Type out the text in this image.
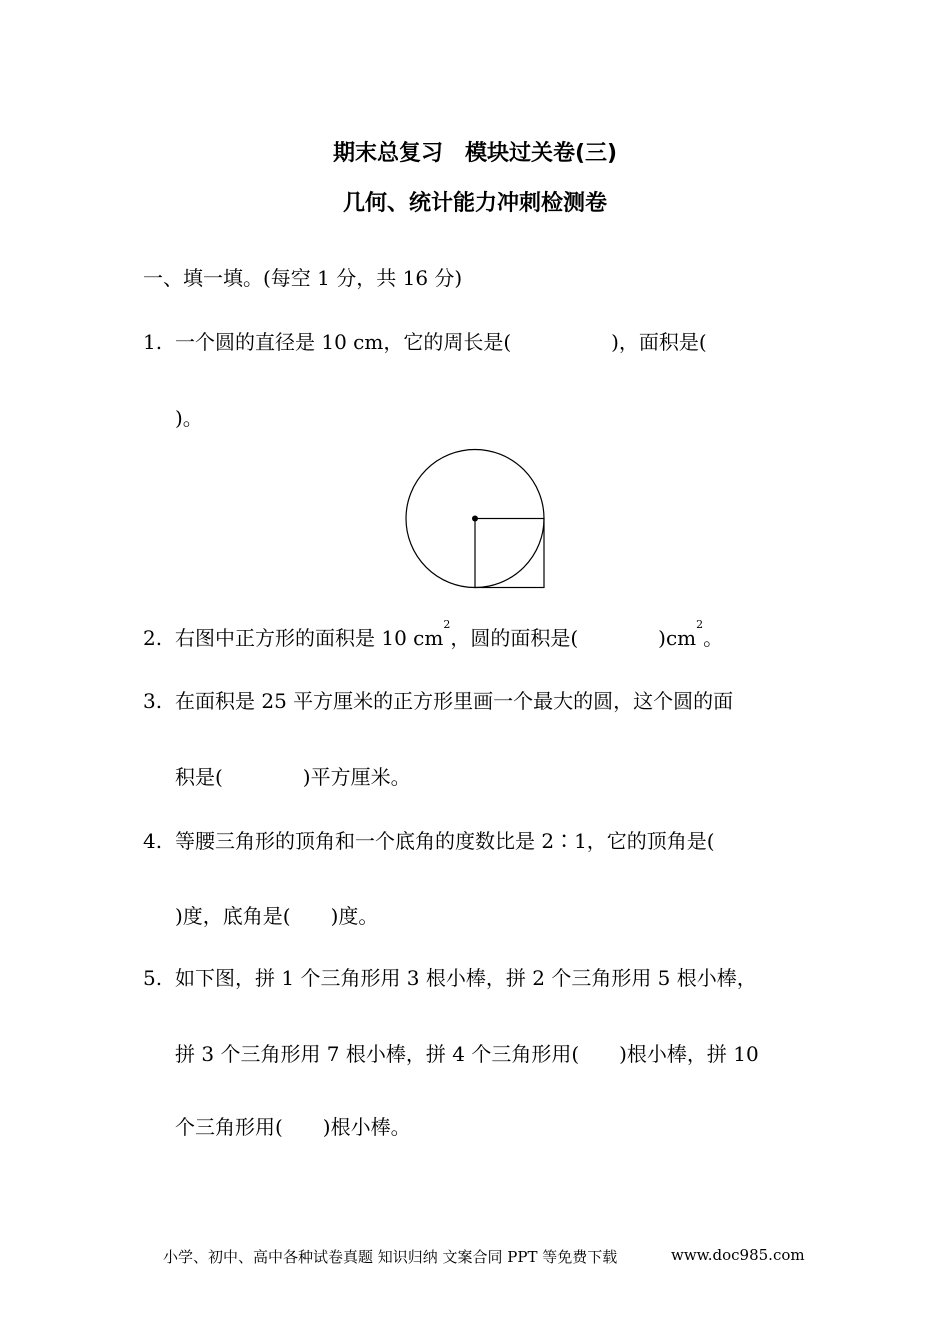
期末总复习　模块过关卷(三)
几何、统计能力冲刺检测卷
一、填一填。(每空 1 分，共 16 分)
1. 一个圆的直径是 10 cm，它的周长是(　　　　　)，面积是(
)。
2. 右图中正方形的面积是 10 $cm^2$，圆的面积是(　　　　)$cm^2$。
3. 在面积是 25 平方厘米的正方形里画一个最大的圆，这个圆的面
积是(　　　　)平方厘米。
4. 等腰三角形的顶角和一个底角的度数比是 2∶1，它的顶角是(
)度，底角是(　　)度。
5. 如下图，拼 1 个三角形用 3 根小棒，拼 2 个三角形用 5 根小棒，
拼 3 个三角形用 7 根小棒，拼 4 个三角形用(　　)根小棒，拼 10
个三角形用(　　)根小棒。
小学、初中、高中各种试卷真题 知识归纳 文案合同 PPT 等免费下载	www.doc985.com
